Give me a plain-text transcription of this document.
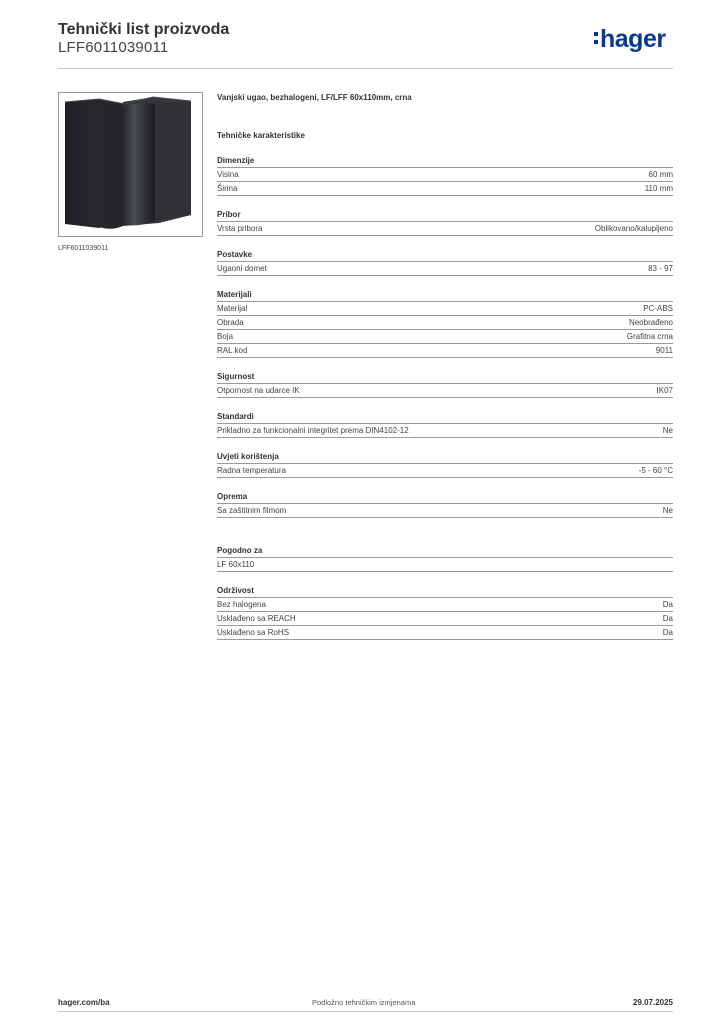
Tehnički list proizvoda
LFF6011039011	hager
LFF6011039011
Vanjski ugao, bezhalogeni, LF/LFF 60x110mm, crna
Tehničke karakteristike
Dimenzije
Visina	60 mm
Širina	110 mm
Pribor
Vrsta pribora	Oblikovano/kalupljeno
Postavke
Ugaoni domet	83 - 97
Materijali
Materijal	PC-ABS
Obrada	Neobrađeno
Boja	Grafitna crna
RAL kod	9011
Sigurnost
Otpornost na udarce IK	IK07
Standardi
Prikladno za funkcionalni integritet prema DIN4102-12	Ne
Uvjeti korištenja
Radna temperatura	-5 - 60 °C
Oprema
Sa zaštitnim filmom	Ne
Pogodno za
LF 60x110
Održivost
Bez halogena	Da
Usklađeno sa REACH	Da
Usklađeno sa RoHS	Da
hager.com/ba	Podložno tehničkim izmjenama	29.07.2025
